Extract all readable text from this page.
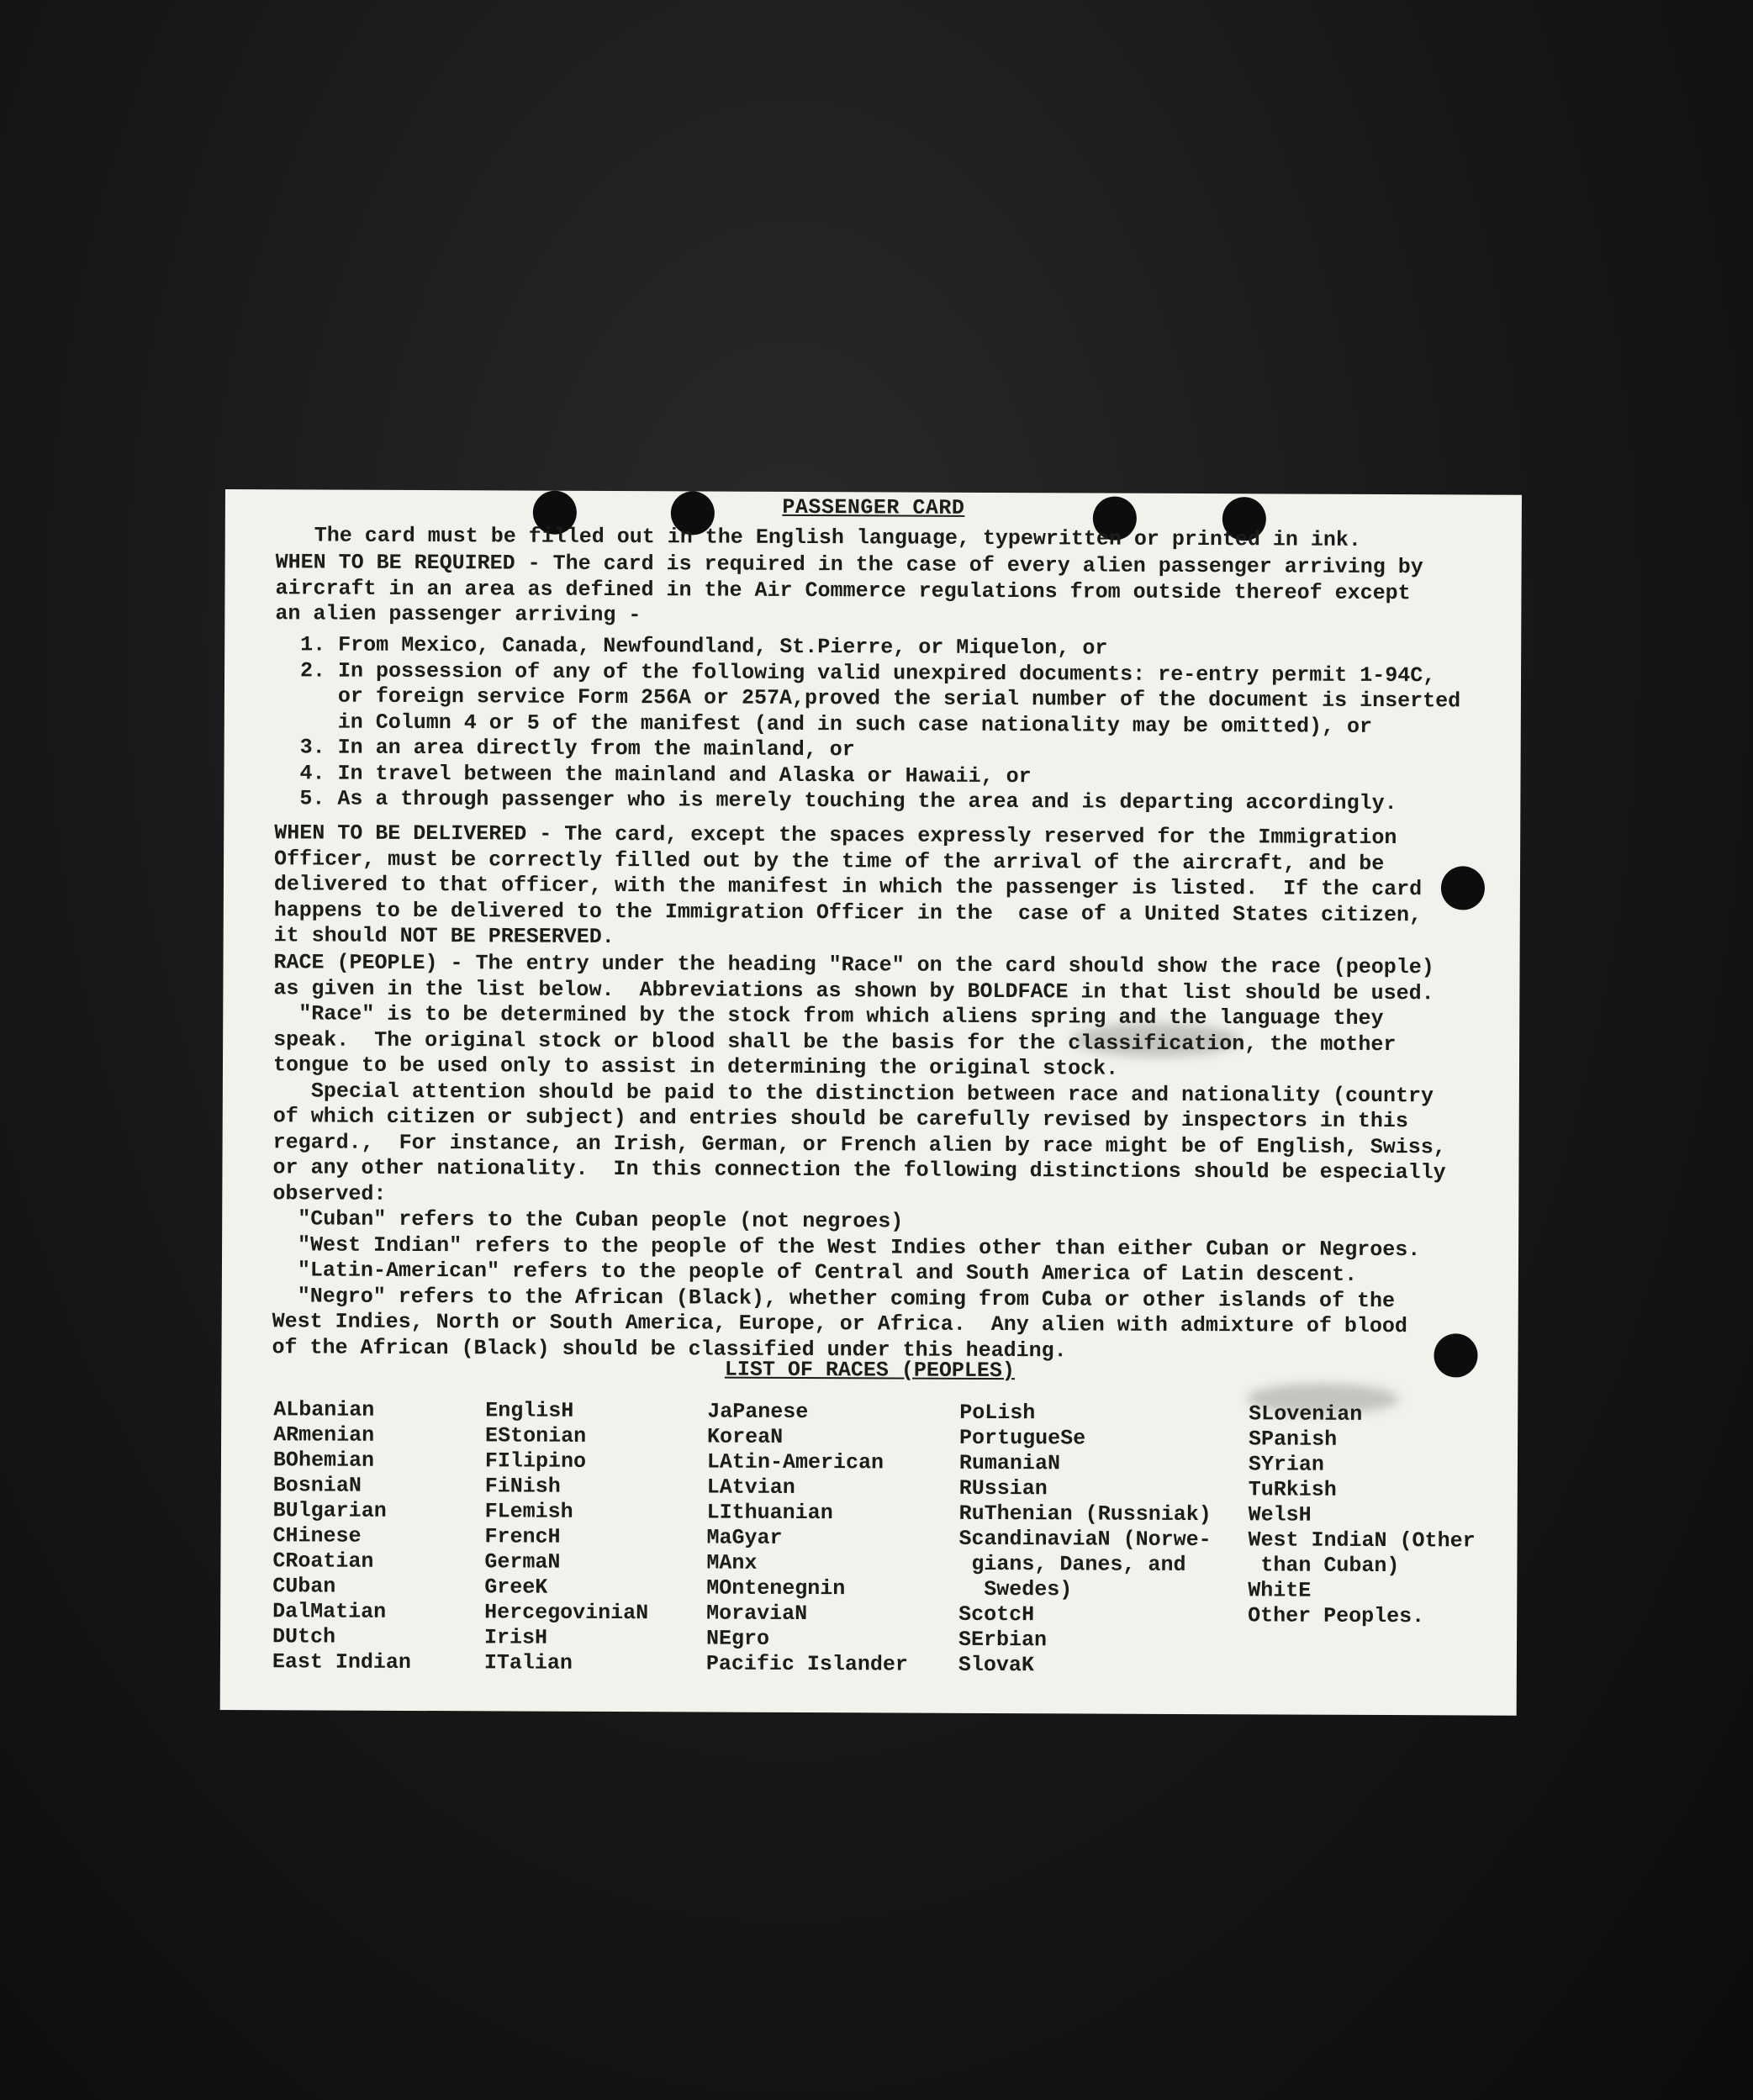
PASSENGER CARD
The card must be filled out in the English language, typewritten or printed in ink.
WHEN TO BE REQUIRED - The card is required in the case of every alien passenger arriving by
aircraft in an area as defined in the Air Commerce regulations from outside thereof except
an alien passenger arriving -
1. From Mexico, Canada, Newfoundland, St.Pierre, or Miquelon, or
2. In possession of any of the following valid unexpired documents: re-entry permit 1-94C,
or foreign service Form 256A or 257A,proved the serial number of the document is inserted
in Column 4 or 5 of the manifest (and in such case nationality may be omitted), or
3. In an area directly from the mainland, or
4. In travel between the mainland and Alaska or Hawaii, or
5. As a through passenger who is merely touching the area and is departing accordingly.
WHEN TO BE DELIVERED - The card, except the spaces expressly reserved for the Immigration
Officer, must be correctly filled out by the time of the arrival of the aircraft, and be
delivered to that officer, with the manifest in which the passenger is listed.  If the card
happens to be delivered to the Immigration Officer in the  case of a United States citizen,
it should NOT BE PRESERVED.
RACE (PEOPLE) - The entry under the heading "Race" on the card should show the race (people)
as given in the list below.  Abbreviations as shown by BOLDFACE in that list should be used.
"Race" is to be determined by the stock from which aliens spring and the language they
speak.  The original stock or blood shall be the basis for the classification, the mother
tongue to be used only to assist in determining the original stock.
Special attention should be paid to the distinction between race and nationality (country
of which citizen or subject) and entries should be carefully revised by inspectors in this
regard.,  For instance, an Irish, German, or French alien by race might be of English, Swiss,
or any other nationality.  In this connection the following distinctions should be especially
observed:
"Cuban" refers to the Cuban people (not negroes)
"West Indian" refers to the people of the West Indies other than either Cuban or Negroes.
"Latin-American" refers to the people of Central and South America of Latin descent.
"Negro" refers to the African (Black), whether coming from Cuba or other islands of the
West Indies, North or South America, Europe, or Africa.  Any alien with admixture of blood
of the African (Black) should be classified under this heading.
LIST OF RACES (PEOPLES)
ALbanian
ARmenian
BOhemian
BosniaN
BUlgarian
CHinese
CRoatian
CUban
DalMatian
DUtch
East Indian
EnglisH
EStonian
FIlipino
FiNish
FLemish
FrencH
GermaN
GreeK
HercegoviniaN
IrisH
ITalian
JaPanese
KoreaN
LAtin-American
LAtvian
LIthuanian
MaGyar
MAnx
MOntenegnin
MoraviaN
NEgro
Pacific Islander
PoLish
PortugueSe
RumaniaN
RUssian
RuThenian (Russniak)
ScandinaviaN (Norwe-
gians, Danes, and
Swedes)
ScotcH
SErbian
SlovaK
SLovenian
SPanish
SYrian
TuRkish
WelsH
West IndiaN (Other
than Cuban)
WhitE
Other Peoples.
